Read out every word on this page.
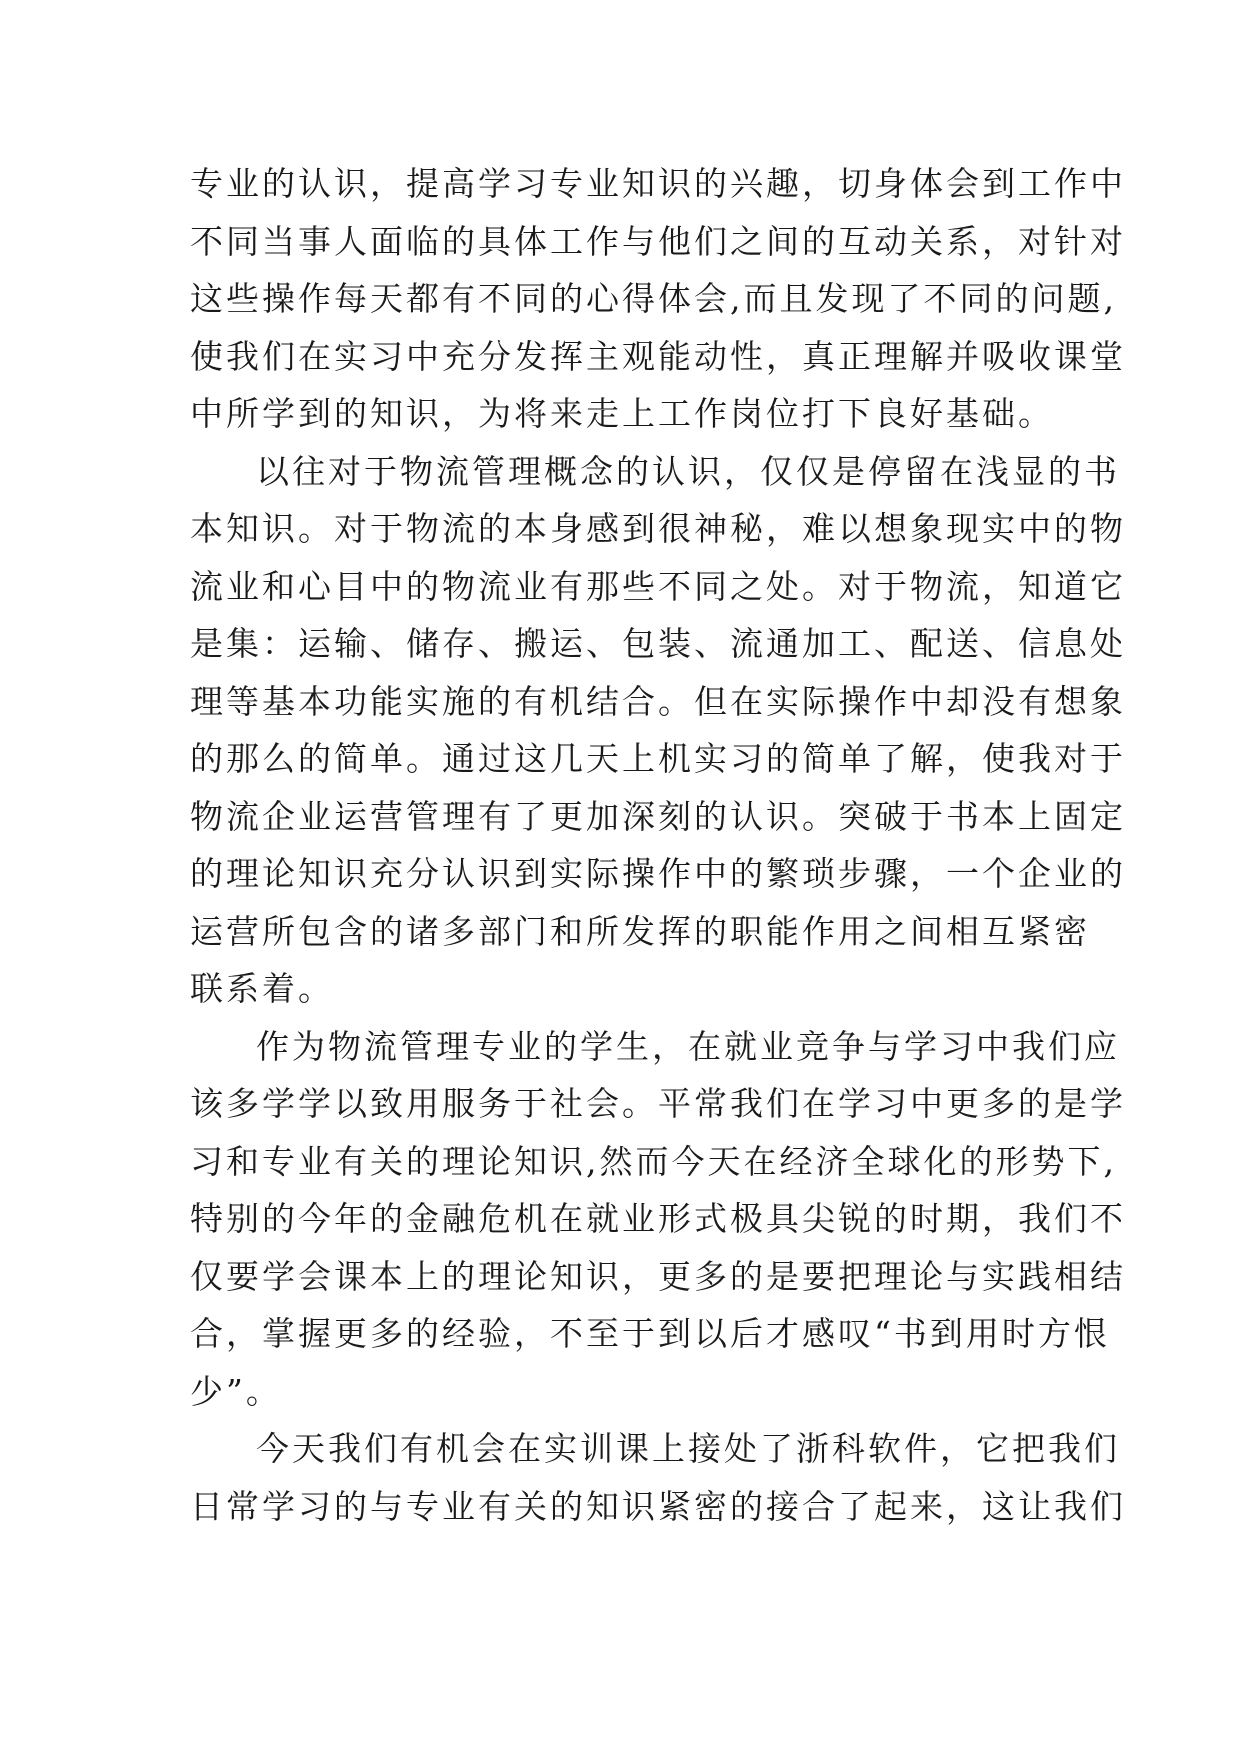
专业的认识，提高学习专业知识的兴趣，切身体会到工作中
不同当事人面临的具体工作与他们之间的互动关系，对针对
这些操作每天都有不同的心得体会,而且发现了不同的问题,
使我们在实习中充分发挥主观能动性，真正理解并吸收课堂
中所学到的知识，为将来走上工作岗位打下良好基础。
以往对于物流管理概念的认识，仅仅是停留在浅显的书
本知识。对于物流的本身感到很神秘，难以想象现实中的物
流业和心目中的物流业有那些不同之处。对于物流，知道它
是集：运输、储存、搬运、包装、流通加工、配送、信息处
理等基本功能实施的有机结合。但在实际操作中却没有想象
的那么的简单。通过这几天上机实习的简单了解，使我对于
物流企业运营管理有了更加深刻的认识。突破于书本上固定
的理论知识充分认识到实际操作中的繁琐步骤，一个企业的
运营所包含的诸多部门和所发挥的职能作用之间相互紧密
联系着。
作为物流管理专业的学生，在就业竞争与学习中我们应
该多学学以致用服务于社会。平常我们在学习中更多的是学
习和专业有关的理论知识,然而今天在经济全球化的形势下,
特别的今年的金融危机在就业形式极具尖锐的时期，我们不
仅要学会课本上的理论知识，更多的是要把理论与实践相结
合，掌握更多的经验，不至于到以后才感叹“书到用时方恨
少”。
今天我们有机会在实训课上接处了浙科软件，它把我们
日常学习的与专业有关的知识紧密的接合了起来，这让我们
